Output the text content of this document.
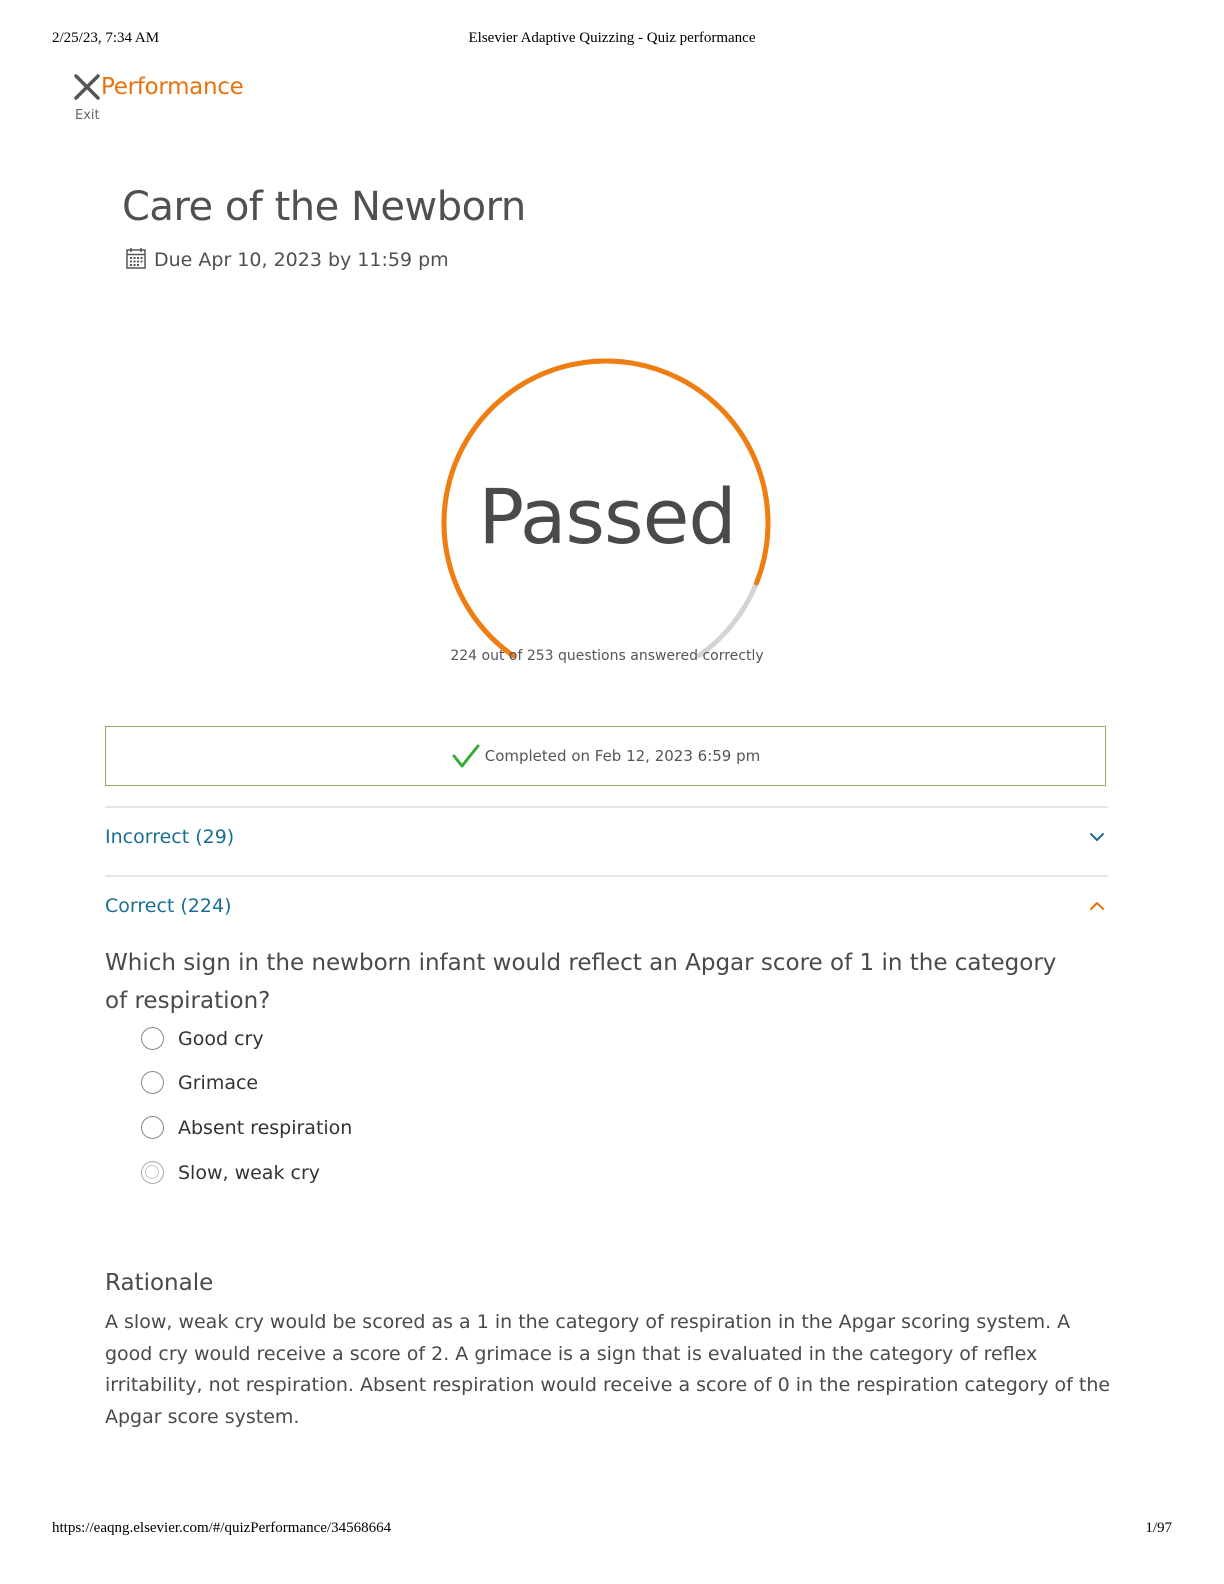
2/25/23, 7:34 AM	Elsevier Adaptive Quizzing - Quiz performance
Performance
Exit
Care of the Newborn
Due Apr 10, 2023 by 11:59 pm
Passed
224 out of 253 questions answered correctly
Completed on Feb 12, 2023 6:59 pm
Incorrect (29)
Correct (224)
Which sign in the newborn infant would reflect an Apgar score of 1 in the category of respiration?
Good cry
Grimace
Absent respiration
Slow, weak cry
Rationale
A slow, weak cry would be scored as a 1 in the category of respiration in the Apgar scoring system. A good cry would receive a score of 2. A grimace is a sign that is evaluated in the category of reflex irritability, not respiration. Absent respiration would receive a score of 0 in the respiration category of the Apgar score system.
https://eaqng.elsevier.com/#/quizPerformance/34568664	1/97
